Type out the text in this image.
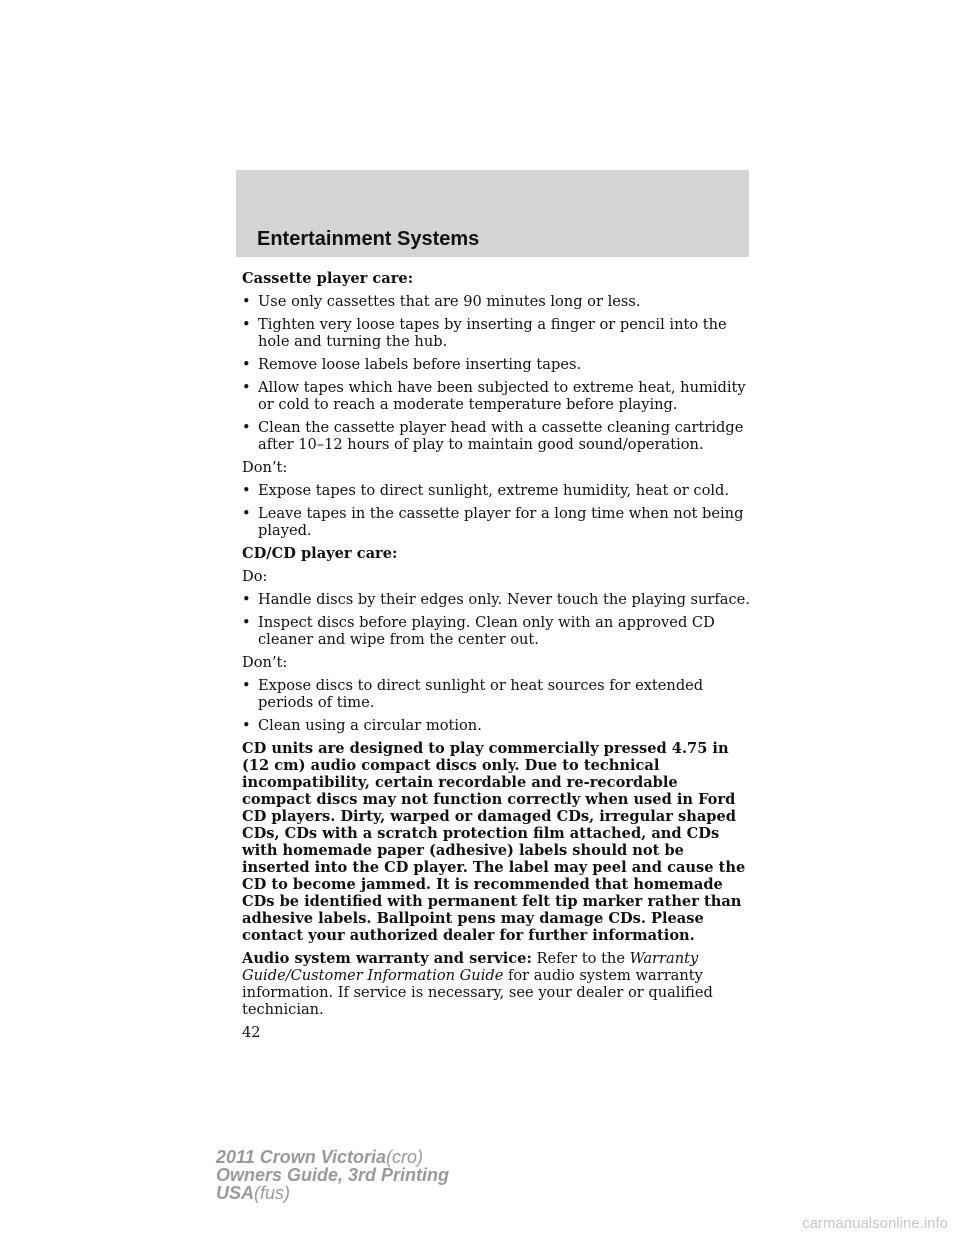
Entertainment Systems
Cassette player care:
• Use only cassettes that are 90 minutes long or less.
• Tighten very loose tapes by inserting a finger or pencil into the hole and turning the hub.
• Remove loose labels before inserting tapes.
• Allow tapes which have been subjected to extreme heat, humidity or cold to reach a moderate temperature before playing.
• Clean the cassette player head with a cassette cleaning cartridge after 10–12 hours of play to maintain good sound/operation.
Don’t:
• Expose tapes to direct sunlight, extreme humidity, heat or cold.
• Leave tapes in the cassette player for a long time when not being played.
CD/CD player care:
Do:
• Handle discs by their edges only. Never touch the playing surface.
• Inspect discs before playing. Clean only with an approved CD cleaner and wipe from the center out.
Don’t:
• Expose discs to direct sunlight or heat sources for extended periods of time.
• Clean using a circular motion.
CD units are designed to play commercially pressed 4.75 in (12 cm) audio compact discs only. Due to technical incompatibility, certain recordable and re-recordable compact discs may not function correctly when used in Ford CD players. Dirty, warped or damaged CDs, irregular shaped CDs, CDs with a scratch protection film attached, and CDs with homemade paper (adhesive) labels should not be inserted into the CD player. The label may peel and cause the CD to become jammed. It is recommended that homemade CDs be identified with permanent felt tip marker rather than adhesive labels. Ballpoint pens may damage CDs. Please contact your authorized dealer for further information.
Audio system warranty and service: Refer to the Warranty Guide/Customer Information Guide for audio system warranty information. If service is necessary, see your dealer or qualified technician.
42
2011 Crown Victoria(cro)
Owners Guide, 3rd Printing
USA(fus)
carmanualsonline.info
